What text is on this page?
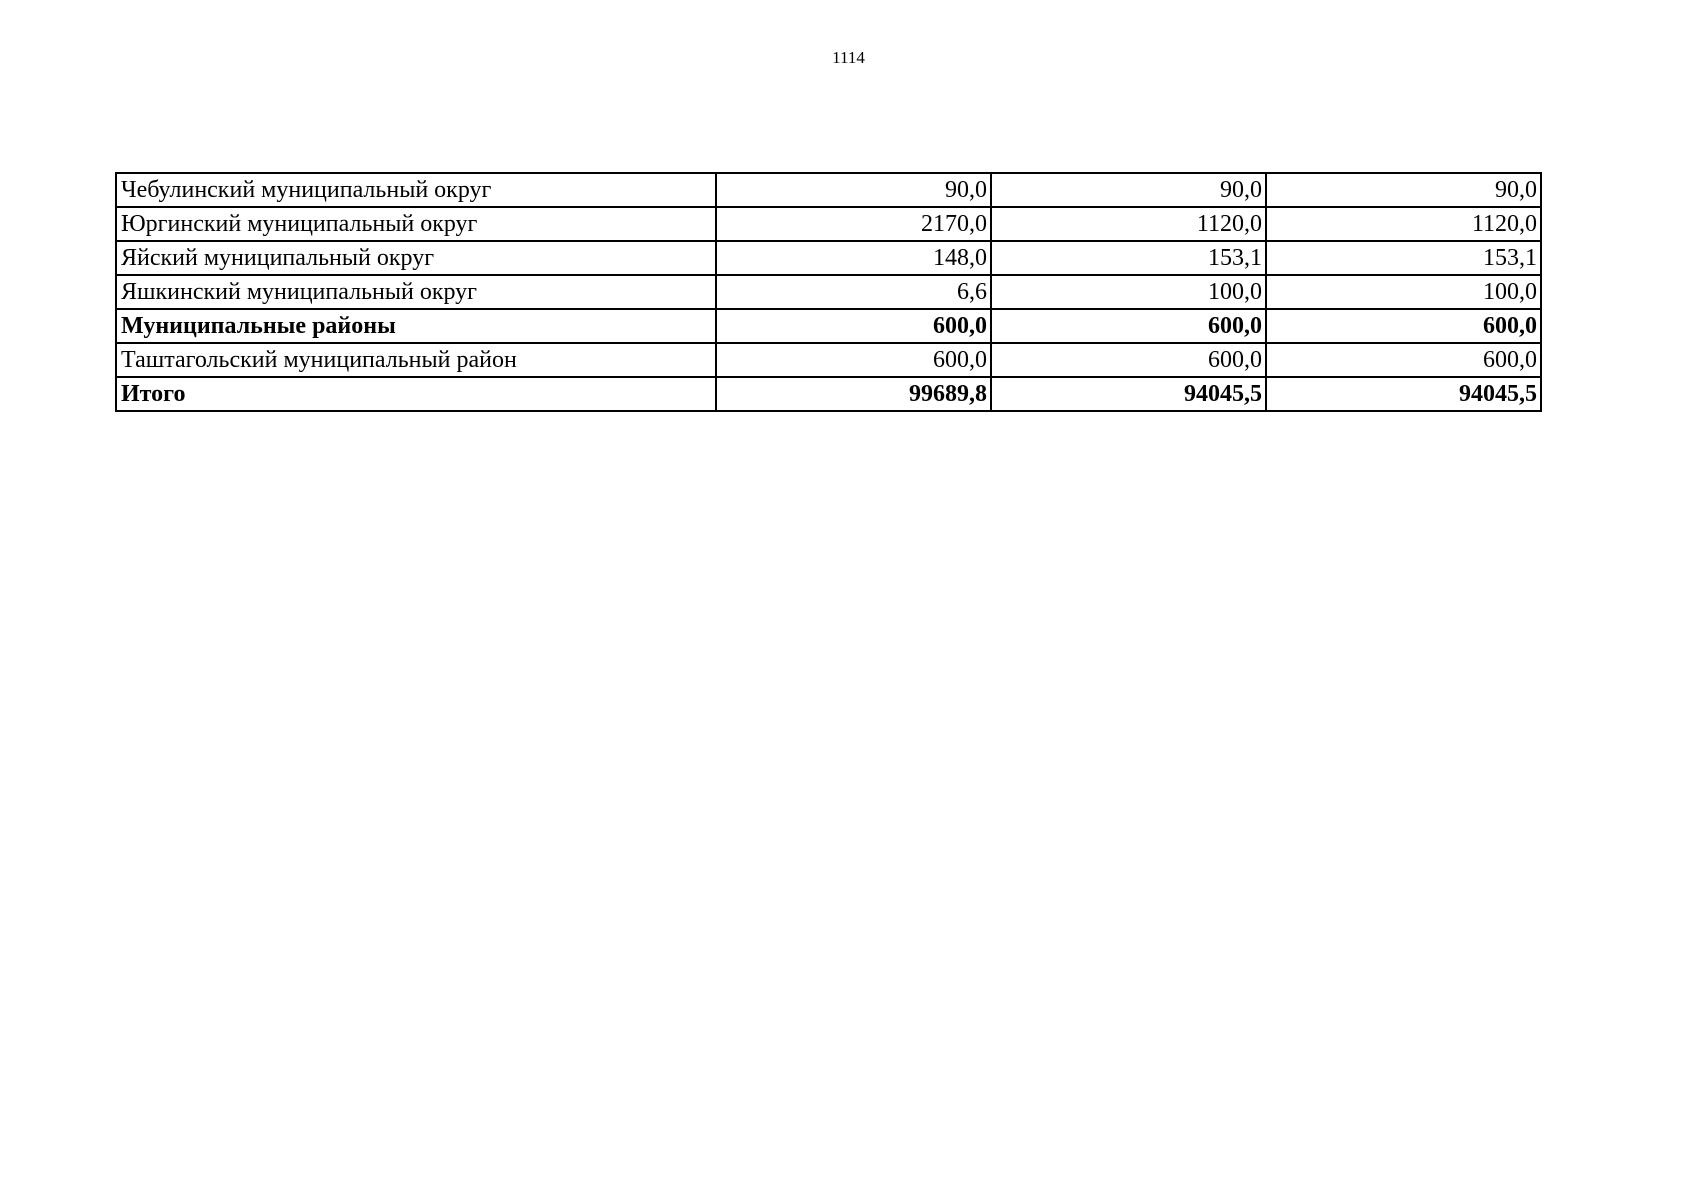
1114
Чебулинский муниципальный округ	90,0	90,0	90,0
Юргинский муниципальный округ	2170,0	1120,0	1120,0
Яйский муниципальный округ	148,0	153,1	153,1
Яшкинский муниципальный округ	6,6	100,0	100,0
Муниципальные районы	600,0	600,0	600,0
Таштагольский муниципальный район	600,0	600,0	600,0
Итого	99689,8	94045,5	94045,5
